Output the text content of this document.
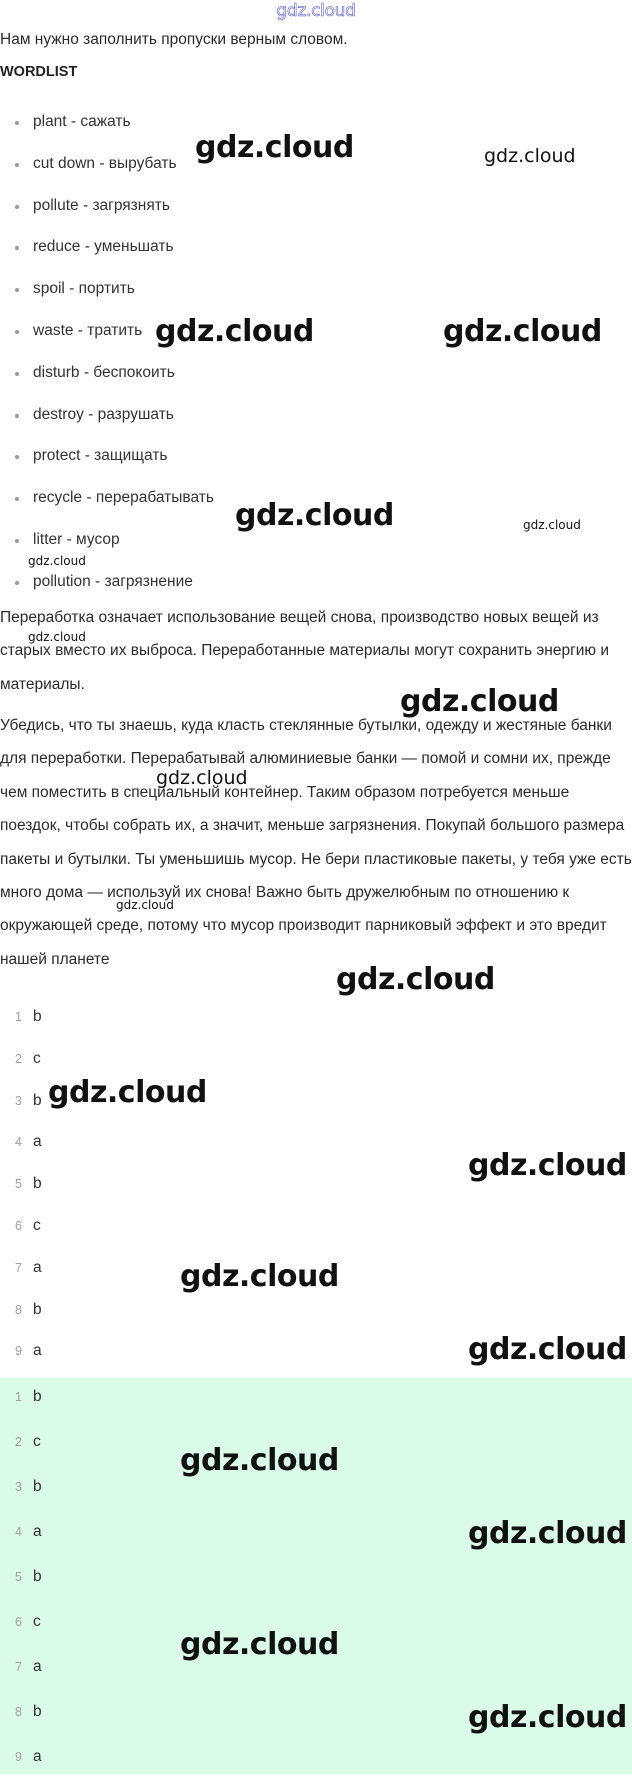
gdz.cloud

Нам нужно заполнить пропуски верным словом.

WORDLIST

plant - сажать
cut down - вырубать
pollute - загрязнять
reduce - уменьшать
spoil - портить
waste - тратить
disturb - беспокоить
destroy - разрушать
protect - защищать
recycle - перерабатывать
litter - мусор
pollution - загрязнение

Переработка означает использование вещей снова, производство новых вещей из старых вместо их выброса. Переработанные материалы могут сохранить энергию и материалы.

Убедись, что ты знаешь, куда класть стеклянные бутылки, одежду и жестяные банки для переработки. Перерабатывай алюминиевые банки — помой и сомни их, прежде чем поместить в специальный контейнер. Таким образом потребуется меньше поездок, чтобы собрать их, а значит, меньше загрязнения. Покупай большого размера пакеты и бутылки. Ты уменьшишь мусор. Не бери пластиковые пакеты, у тебя уже есть много дома — используй их снова! Важно быть дружелюбным по отношению к окружающей среде, потому что мусор производит парниковый эффект и это вредит нашей планете

1 b
2 c
3 b
4 a
5 b
6 c
7 a
8 b
9 a
1 b
2 c
3 b
4 a
5 b
6 c
7 a
8 b
9 a
gdz.cloud	gdz.cloud
gdz.cloud	gdz.cloud
gdz.cloud	gdz.cloud
gdz.cloud
gdz.cloud
gdz.cloud
gdz.cloud
gdz.cloud
gdz.cloud
gdz.cloud
gdz.cloud
gdz.cloud
gdz.cloud
gdz.cloud
gdz.cloud
gdz.cloud
gdz.cloud
